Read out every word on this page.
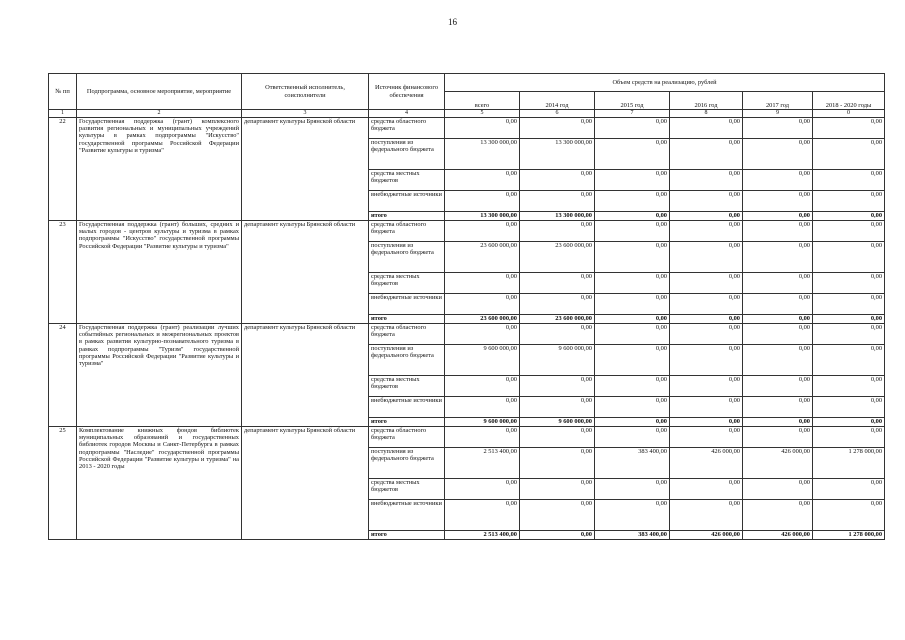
16
№ пп	Подпрограмма, основное мероприятие, мероприятие	Ответственный исполнитель, соисполнители	Источник финансового обеспечения	Объем средств на реализацию, рублей					
				всего	2014 год	2015 год	2016 год	2017 год	2018 - 2020 годы
1	2	3	4	5	6	7	8	9	0
22	Государственная поддержка (грант) комплексного развития региональных и муниципальных учреждений культуры в рамках подпрограммы "Искусство" государственной программы Российской Федерации "Развитие культуры и туризма"	департамент культуры Брянской области	средства областного бюджета	0,00	0,00	0,00	0,00	0,00	0,00
			поступления из федерального бюджета	13 300 000,00	13 300 000,00	0,00	0,00	0,00	0,00
			средства местных бюджетов	0,00	0,00	0,00	0,00	0,00	0,00
			внебюджетные источники	0,00	0,00	0,00	0,00	0,00	0,00
			итого	13 300 000,00	13 300 000,00	0,00	0,00	0,00	0,00
23	Государственная поддержка (грант) больших, средних и малых городов - центров культуры и туризма в рамках подпрограммы "Искусство" государственной программы Российской Федерации "Развитие культуры и туризма"	департамент культуры Брянской области	средства областного бюджета	0,00	0,00	0,00	0,00	0,00	0,00
			поступления из федерального бюджета	23 600 000,00	23 600 000,00	0,00	0,00	0,00	0,00
			средства местных бюджетов	0,00	0,00	0,00	0,00	0,00	0,00
			внебюджетные источники	0,00	0,00	0,00	0,00	0,00	0,00
			итого	23 600 000,00	23 600 000,00	0,00	0,00	0,00	0,00
24	Государственная поддержка (грант) реализации лучших событийных региональных и межрегиональных проектов в рамках развития культурно-познавательного туризма в рамках подпрограммы "Туризм" государственной программы Российской Федерации "Развитие культуры и туризма"	департамент культуры Брянской области	средства областного бюджета	0,00	0,00	0,00	0,00	0,00	0,00
			поступления из федерального бюджета	9 600 000,00	9 600 000,00	0,00	0,00	0,00	0,00
			средства местных бюджетов	0,00	0,00	0,00	0,00	0,00	0,00
			внебюджетные источники	0,00	0,00	0,00	0,00	0,00	0,00
			итого	9 600 000,00	9 600 000,00	0,00	0,00	0,00	0,00
25	Комплектование книжных фондов библиотек муниципальных образований и государственных библиотек городов Москвы и Санкт-Петербурга в рамках подпрограммы "Наследие" государственной программы Российской Федерации "Развитие культуры и туризма" на 2013 - 2020 годы	департамент культуры Брянской области	средства областного бюджета	0,00	0,00	0,00	0,00	0,00	0,00
			поступления из федерального бюджета	2 513 400,00	0,00	383 400,00	426 000,00	426 000,00	1 278 000,00
			средства местных бюджетов	0,00	0,00	0,00	0,00	0,00	0,00
			внебюджетные источники	0,00	0,00	0,00	0,00	0,00	0,00
			итого	2 513 400,00	0,00	383 400,00	426 000,00	426 000,00	1 278 000,00
